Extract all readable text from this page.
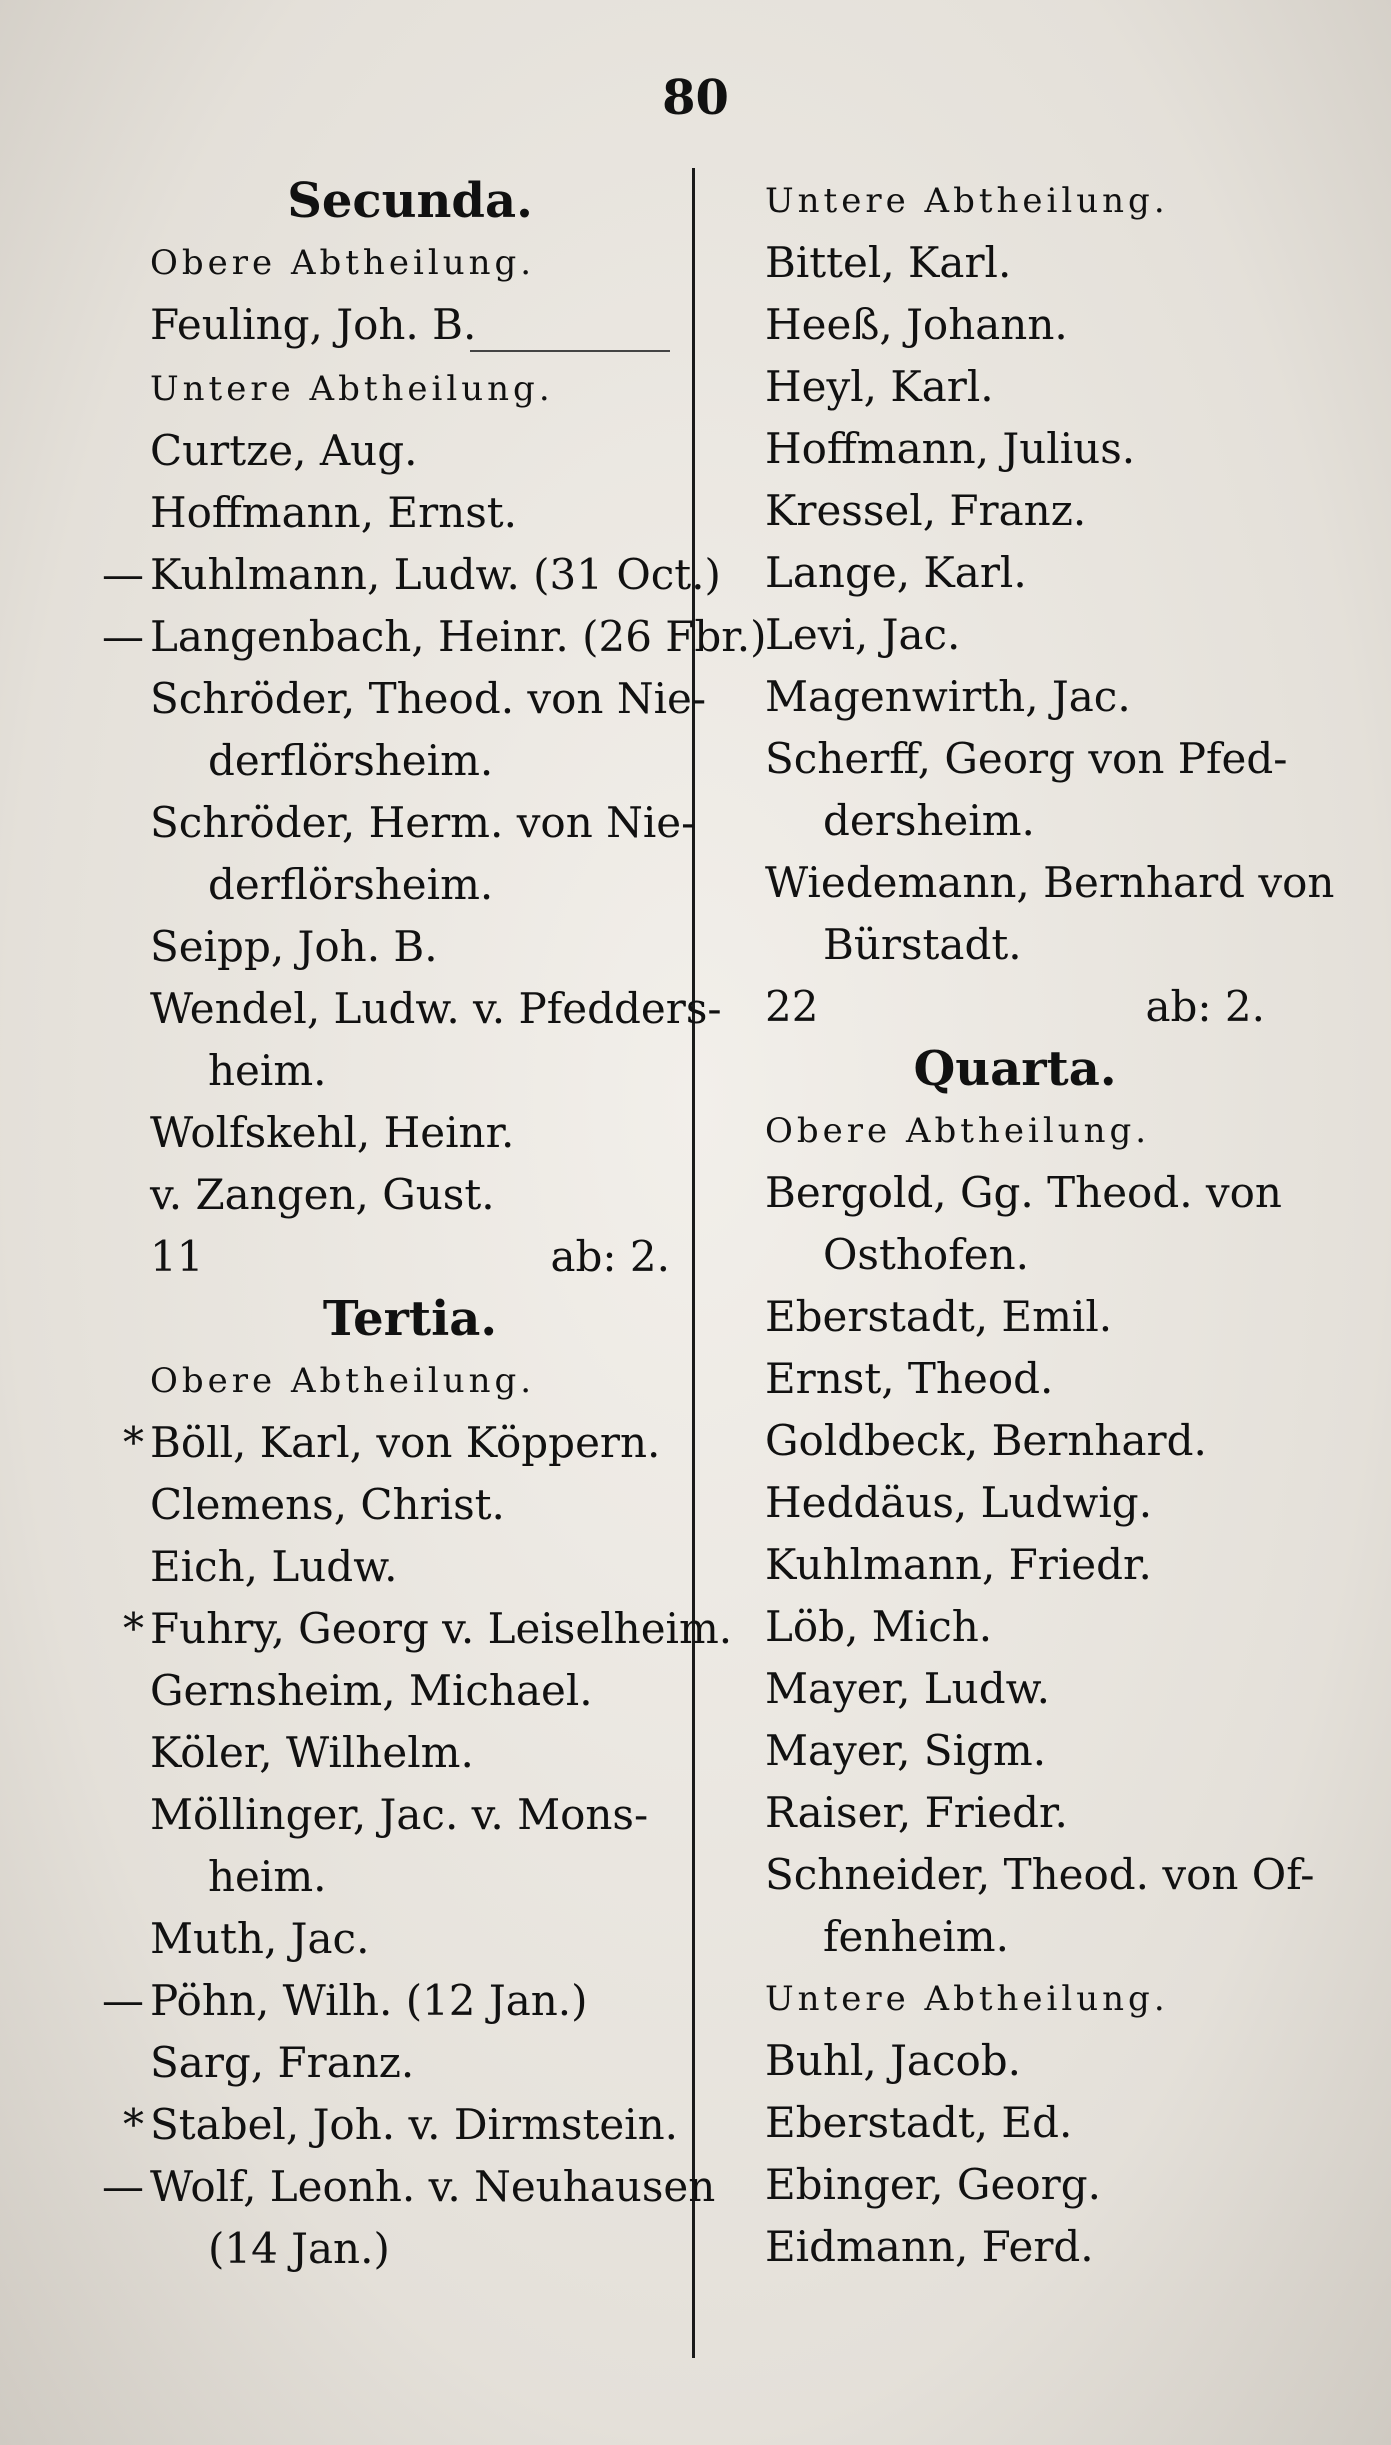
80
Secunda.
Obere Abtheilung.
Feuling, Joh. B.
Untere Abtheilung.
Curtze, Aug.
Hoffmann, Ernst.
— Kuhlmann, Ludw. (31 Oct.)
— Langenbach, Heinr. (26 Fbr.)
Schröder, Theod. von Nie-
derflörsheim.
Schröder, Herm. von Nie-
derflörsheim.
Seipp, Joh. B.
Wendel, Ludw. v. Pfedders-
heim.
Wolfskehl, Heinr.
v. Zangen, Gust.
11	ab: 2.
Tertia.
Obere Abtheilung.
* Böll, Karl, von Köppern.
Clemens, Christ.
Eich, Ludw.
* Fuhry, Georg v. Leiselheim.
Gernsheim, Michael.
Köler, Wilhelm.
Möllinger, Jac. v. Mons-
heim.
Muth, Jac.
— Pöhn, Wilh. (12 Jan.)
Sarg, Franz.
* Stabel, Joh. v. Dirmstein.
— Wolf, Leonh. v. Neuhausen
(14 Jan.)
Untere Abtheilung.
Bittel, Karl.
Heeß, Johann.
Heyl, Karl.
Hoffmann, Julius.
Kressel, Franz.
Lange, Karl.
Levi, Jac.
Magenwirth, Jac.
Scherff, Georg von Pfed-
dersheim.
Wiedemann, Bernhard von
Bürstadt.
22	ab: 2.
Quarta.
Obere Abtheilung.
Bergold, Gg. Theod. von
Osthofen.
Eberstadt, Emil.
Ernst, Theod.
Goldbeck, Bernhard.
Heddäus, Ludwig.
Kuhlmann, Friedr.
Löb, Mich.
Mayer, Ludw.
Mayer, Sigm.
Raiser, Friedr.
Schneider, Theod. von Of-
fenheim.
Untere Abtheilung.
Buhl, Jacob.
Eberstadt, Ed.
Ebinger, Georg.
Eidmann, Ferd.
